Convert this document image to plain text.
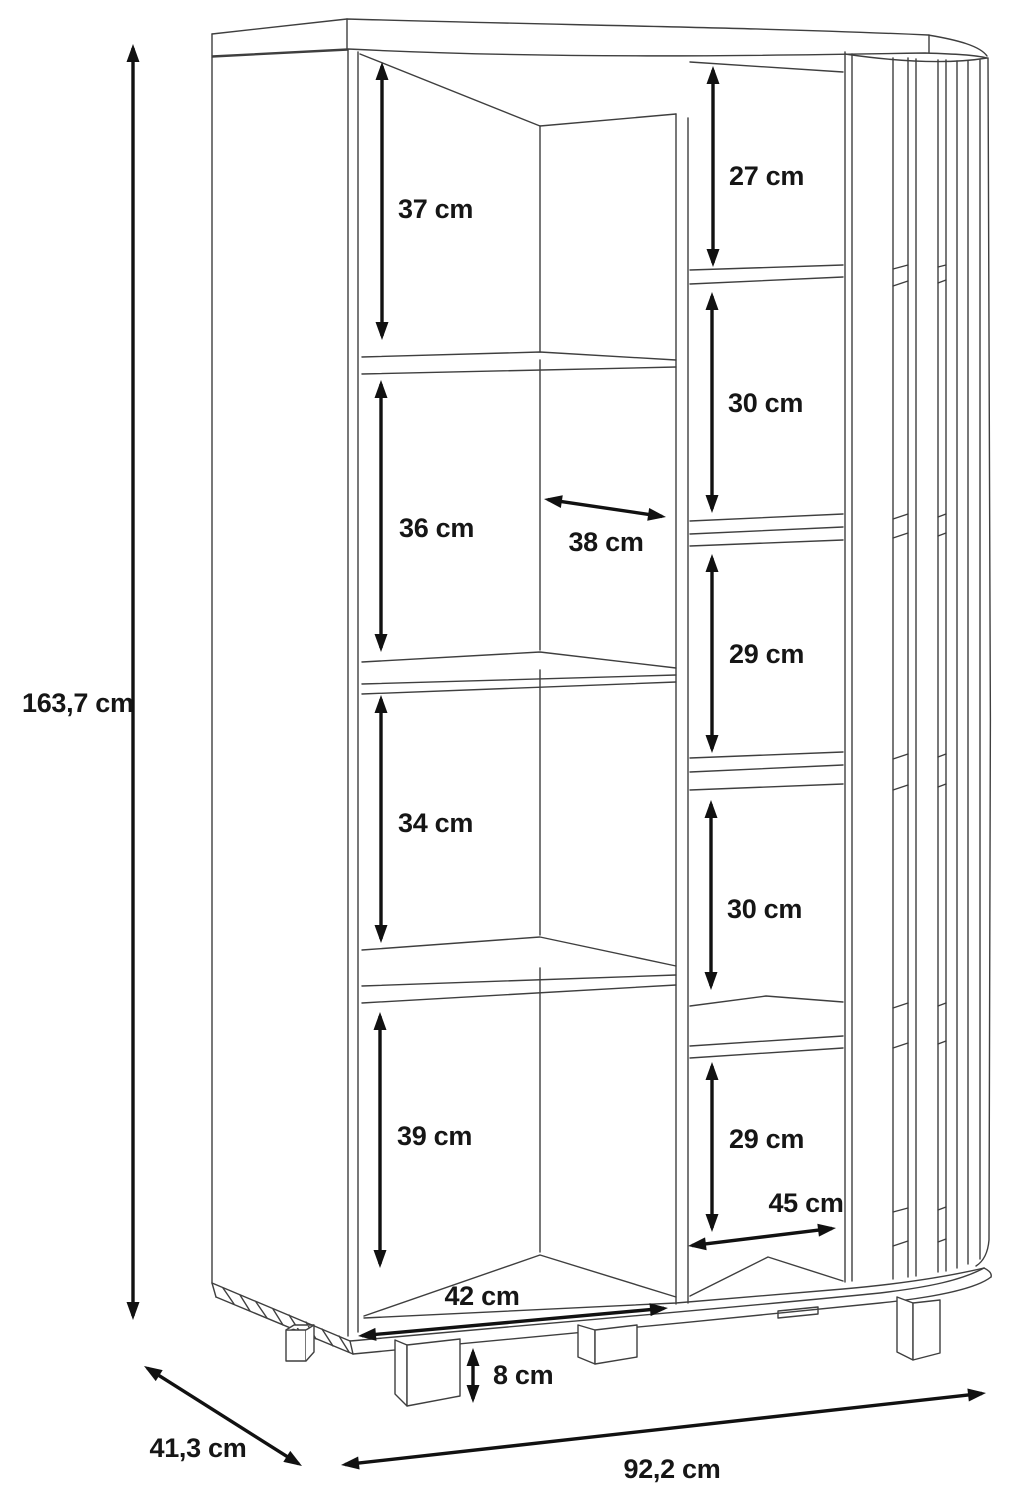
163,7 cm
37 cm
36 cm
34 cm
39 cm
27 cm
30 cm
29 cm
30 cm
29 cm
38 cm
45 cm
42 cm
8 cm
41,3 cm
92,2 cm
